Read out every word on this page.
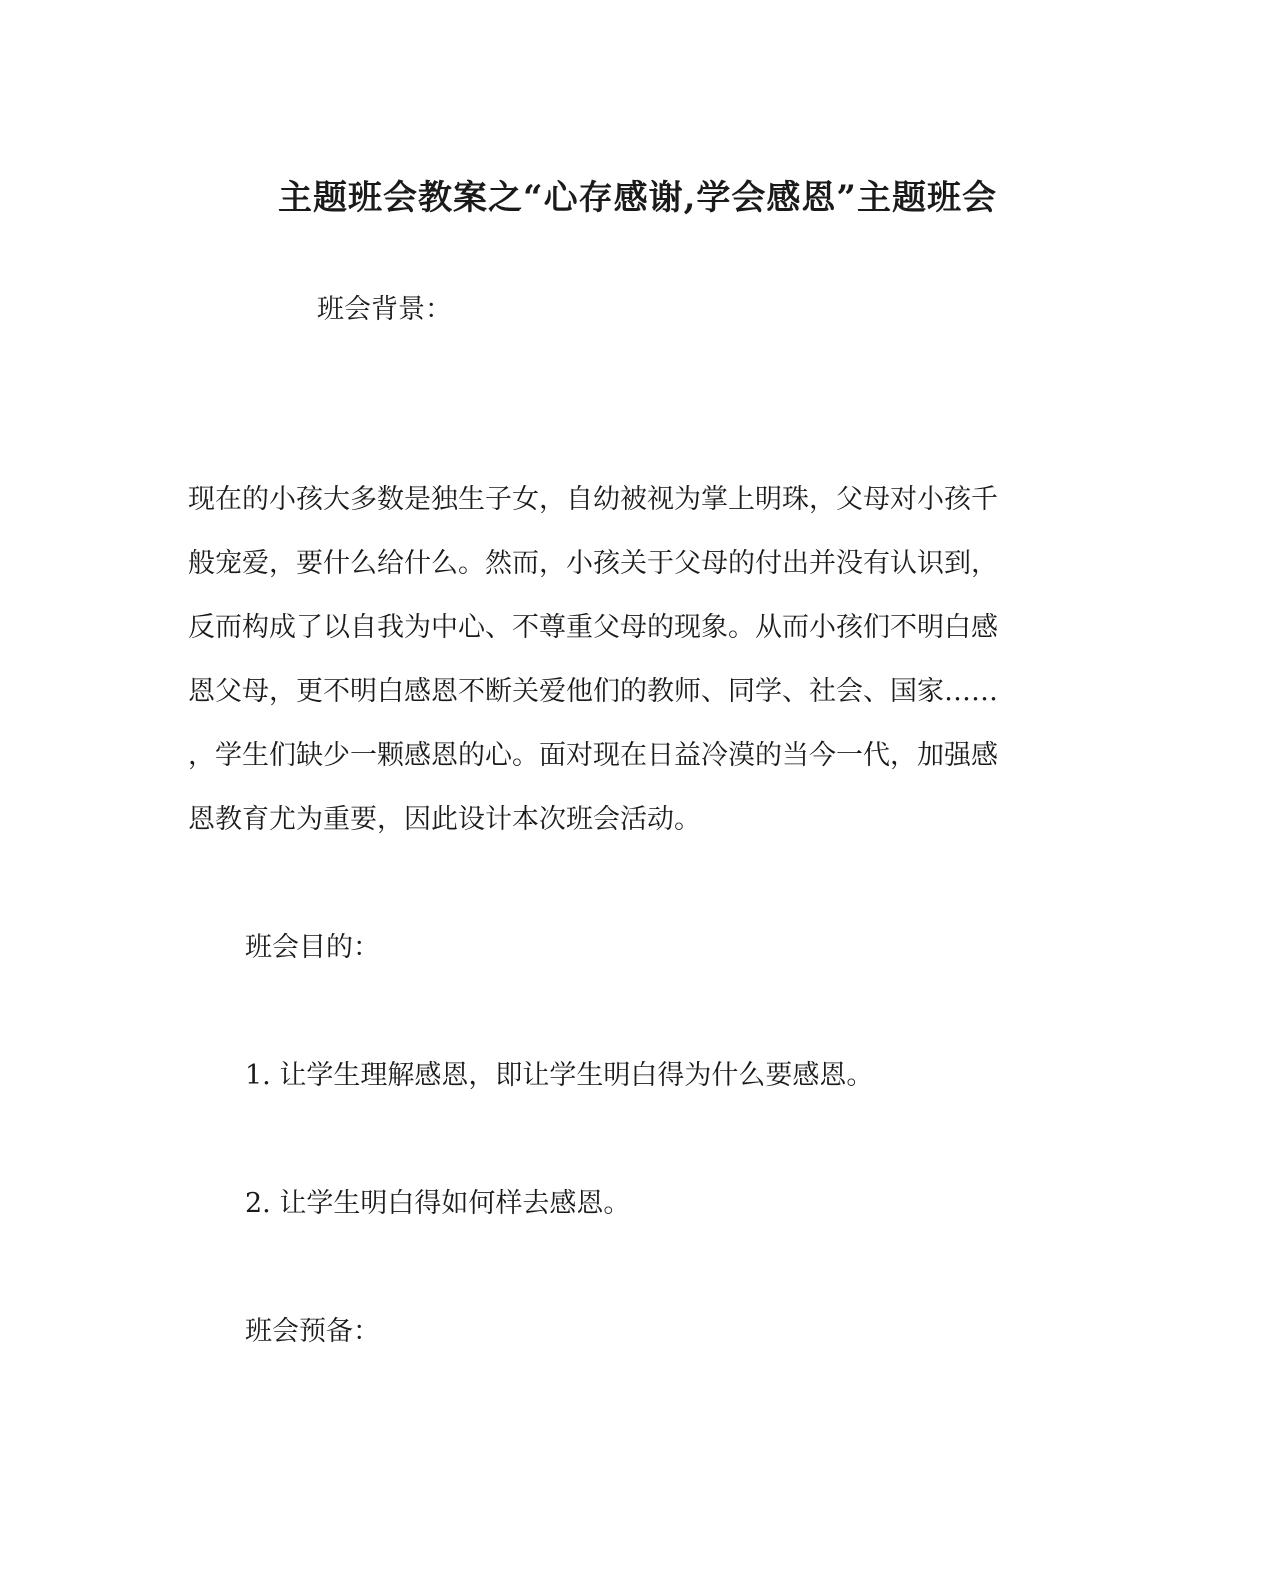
主题班会教案之“心存感谢,学会感恩”主题班会
班会背景：
现在的小孩大多数是独生子女，自幼被视为掌上明珠，父母对小孩千
般宠爱，要什么给什么。然而，小孩关于父母的付出并没有认识到，
反而构成了以自我为中心、不尊重父母的现象。从而小孩们不明白感
恩父母，更不明白感恩不断关爱他们的教师、同学、社会、国家……
，学生们缺少一颗感恩的心。面对现在日益冷漠的当今一代，加强感
恩教育尤为重要，因此设计本次班会活动。
班会目的：
1. 让学生理解感恩，即让学生明白得为什么要感恩。
2. 让学生明白得如何样去感恩。
班会预备：
